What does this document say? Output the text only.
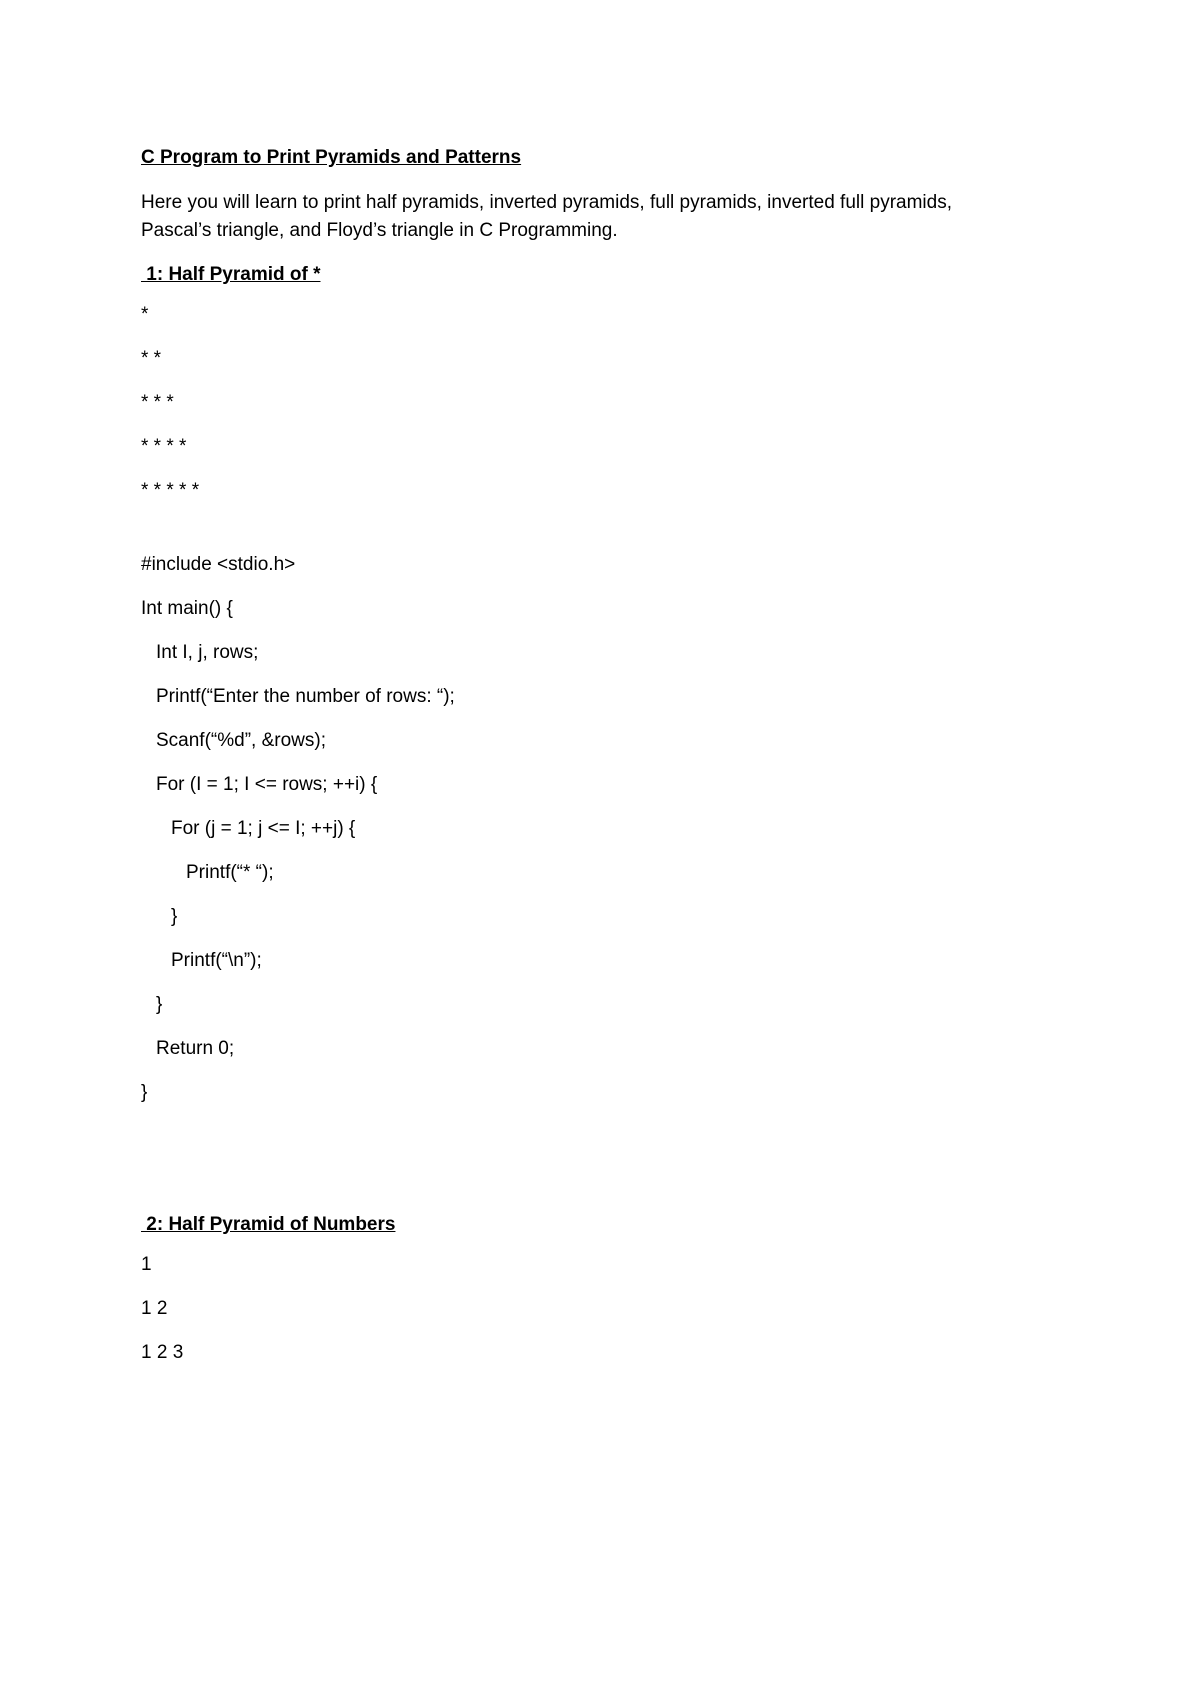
C Program to Print Pyramids and Patterns
Here you will learn to print half pyramids, inverted pyramids, full pyramids, inverted full pyramids,
Pascal’s triangle, and Floyd’s triangle in C Programming.
1: Half Pyramid of *
*
* *
* * *
* * * *
* * * * *
#include <stdio.h>
Int main() {
Int I, j, rows;
Printf(“Enter the number of rows: “);
Scanf(“%d”, &rows);
For (I = 1; I <= rows; ++i) {
For (j = 1; j <= I; ++j) {
Printf(“* “);
}
Printf(“\n”);
}
Return 0;
}
2: Half Pyramid of Numbers
1
1 2
1 2 3
